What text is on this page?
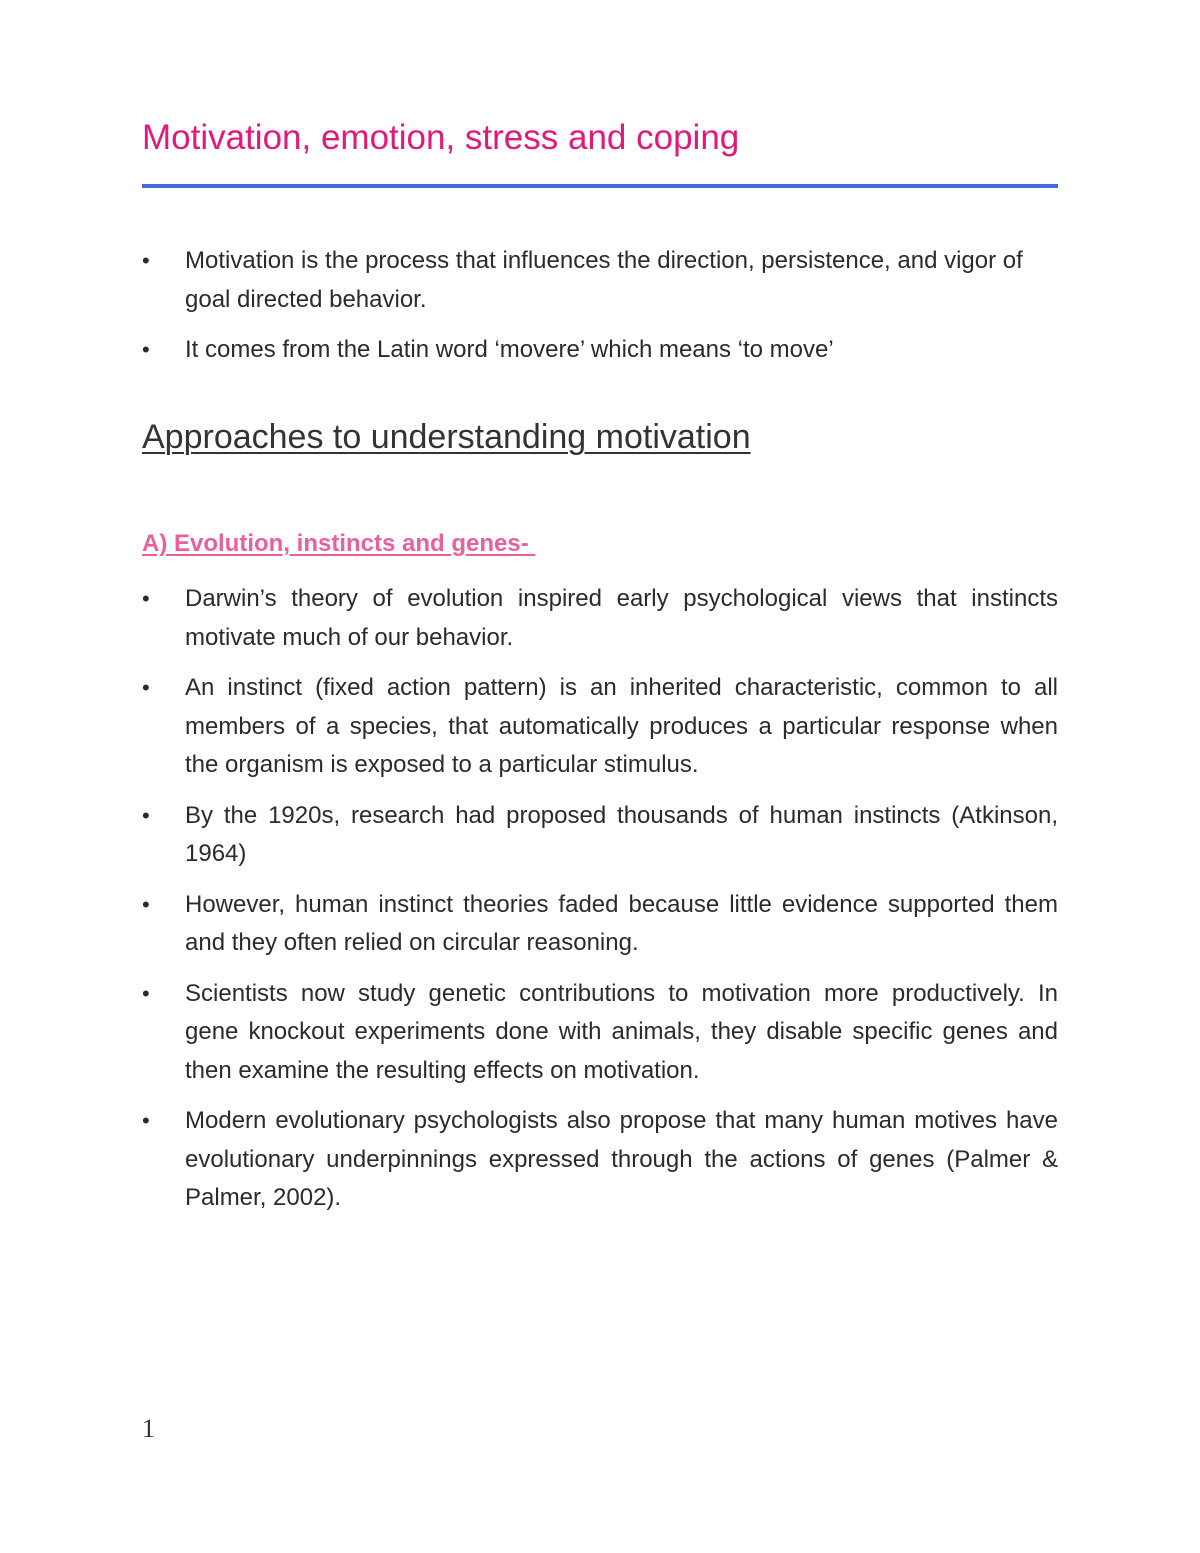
Motivation, emotion, stress and coping
• Motivation is the process that influences the direction, persistence, and vigor of goal directed behavior.
• It comes from the Latin word ‘movere’ which means ‘to move’
Approaches to understanding motivation
A) Evolution, instincts and genes-
• Darwin’s theory of evolution inspired early psychological views that instincts motivate much of our behavior.
• An instinct (fixed action pattern) is an inherited characteristic, common to all members of a species, that automatically produces a particular response when the organism is exposed to a particular stimulus.
• By the 1920s, research had proposed thousands of human instincts (Atkinson, 1964)
• However, human instinct theories faded because little evidence supported them and they often relied on circular reasoning.
• Scientists now study genetic contributions to motivation more productively. In gene knockout experiments done with animals, they disable specific genes and then examine the resulting effects on motivation.
• Modern evolutionary psychologists also propose that many human motives have evolutionary underpinnings expressed through the actions of genes (Palmer & Palmer, 2002).
1
